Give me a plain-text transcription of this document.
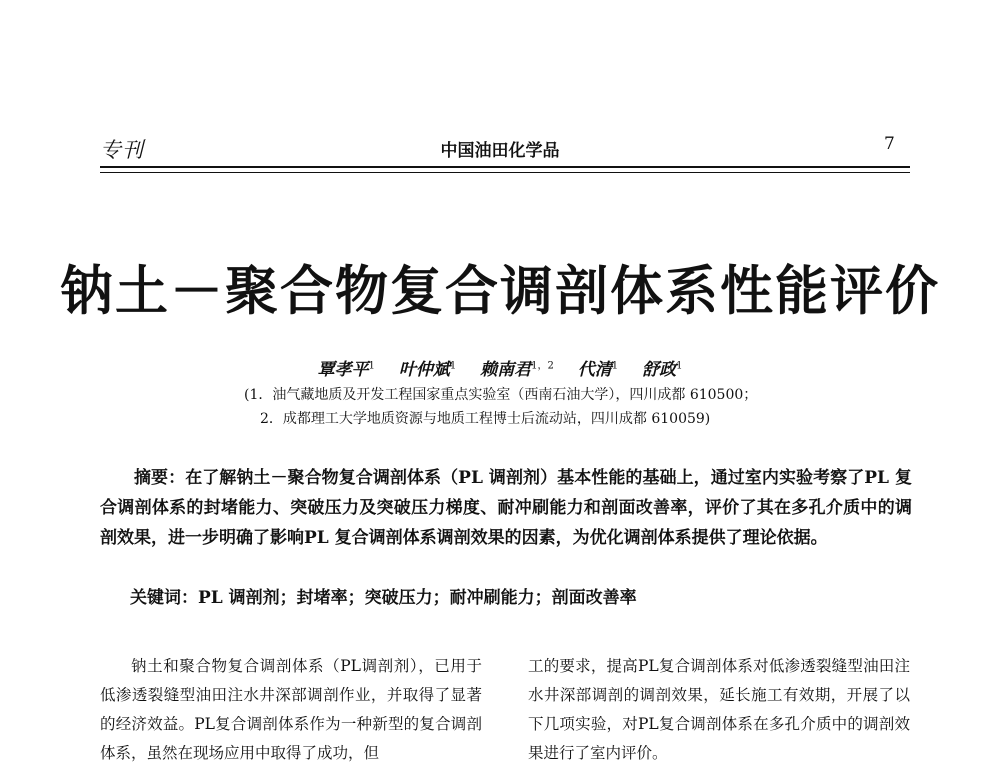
专刊	中国油田化学品	7
钠土－聚合物复合调剖体系性能评价
覃孝平$^1$ 叶仲斌$^1$ 赖南君$^{1,2}$ 代清$^1$ 舒政$^1$
(1．油气藏地质及开发工程国家重点实验室（西南石油大学），四川成都 610500；
2．成都理工大学地质资源与地质工程博士后流动站，四川成都 610059)
摘要：在了解钠土－聚合物复合调剖体系（PL 调剖剂）基本性能的基础上，通过室内实验考察了PL 复合调剖体系的封堵能力、突破压力及突破压力梯度、耐冲刷能力和剖面改善率，评价了其在多孔介质中的调剖效果，进一步明确了影响PL 复合调剖体系调剖效果的因素，为优化调剖体系提供了理论依据。
关键词：PL 调剖剂；封堵率；突破压力；耐冲刷能力；剖面改善率
钠土和聚合物复合调剖体系（PL调剖剂），已用于低渗透裂缝型油田注水井深部调剖作业，并取得了显著的经济效益。PL复合调剖体系作为一种新型的复合调剖体系，虽然在现场应用中取得了成功，但
工的要求，提高PL复合调剖体系对低渗透裂缝型油田注水井深部调剖的调剖效果，延长施工有效期，开展了以下几项实验，对PL复合调剖体系在多孔介质中的调剖效果进行了室内评价。
